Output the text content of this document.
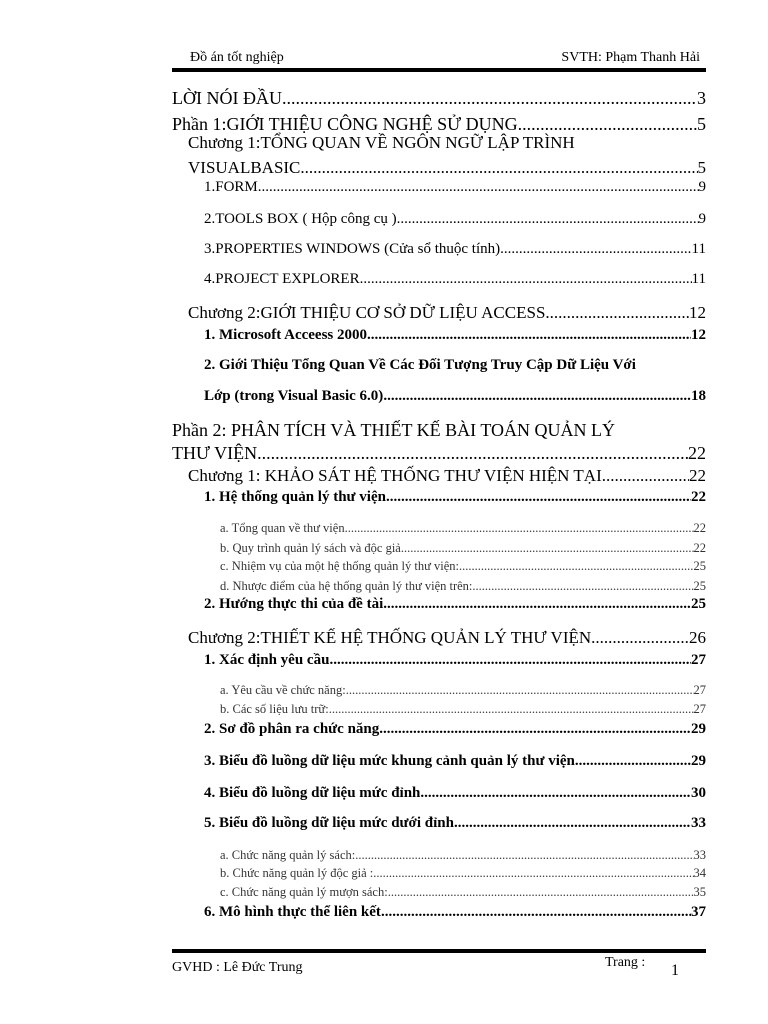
Đồ án tốt nghiệp	SVTH: Phạm Thanh Hải
LỜI NÓI ĐẦU .....	3
Phần 1:GIỚI THIỆU CÔNG NGHỆ SỬ DỤNG .....	5
Chương 1:TỔNG QUAN VỀ NGÔN NGỮ LẬP TRÌNH
VISUALBASIC .....	5
1.FORM .....	9
2.TOOLS BOX ( Hộp công cụ ) .....	9
3.PROPERTIES WINDOWS (Cửa sổ thuộc tính) .....	11
4.PROJECT EXPLORER .....	11
Chương 2:GIỚI THIỆU CƠ SỞ DỮ LIỆU ACCESS .....	12
1. Microsoft Acceess 2000 .....	12
2. Giới Thiệu Tổng Quan Về Các Đối Tượng Truy Cập Dữ Liệu Với
Lớp (trong Visual Basic 6.0) .....	18
Phần 2: PHÂN TÍCH VÀ THIẾT KẾ BÀI TOÁN QUẢN LÝ
THƯ VIỆN .....	22
Chương 1: KHẢO SÁT HỆ THỐNG THƯ VIỆN HIỆN TẠI .....	22
1. Hệ thống quản lý thư viện .....	22
a. Tổng quan về thư viện .....	22
b. Quy trình quản lý sách và độc giả .....	22
c. Nhiệm vụ của một hệ thống quản lý thư viện: .....	25
d. Nhược điểm của hệ thống quản lý thư viện trên: .....	25
2. Hướng thực thi của đề tài .....	25
Chương 2:THIẾT KẾ HỆ THỐNG QUẢN LÝ THƯ VIỆN .....	26
1. Xác định yêu cầu .....	27
a. Yêu cầu về chức năng: .....	27
b. Các số liệu lưu trữ: .....	27
2. Sơ đồ phân ra chức năng .....	29
3. Biểu đồ luồng dữ liệu mức khung cảnh quản lý thư viện .....	29
4. Biểu đồ luồng dữ liệu mức đỉnh .....	30
5. Biểu đồ luồng dữ liệu mức dưới đỉnh. .....	33
a. Chức năng quản lý sách: .....	33
b. Chức năng quản lý độc giả : .....	34
c. Chức năng quản lý mượn sách: .....	35
6. Mô hình thực thể liên kết .....	37
GVHD : Lê Đức Trung	Trang : 1
